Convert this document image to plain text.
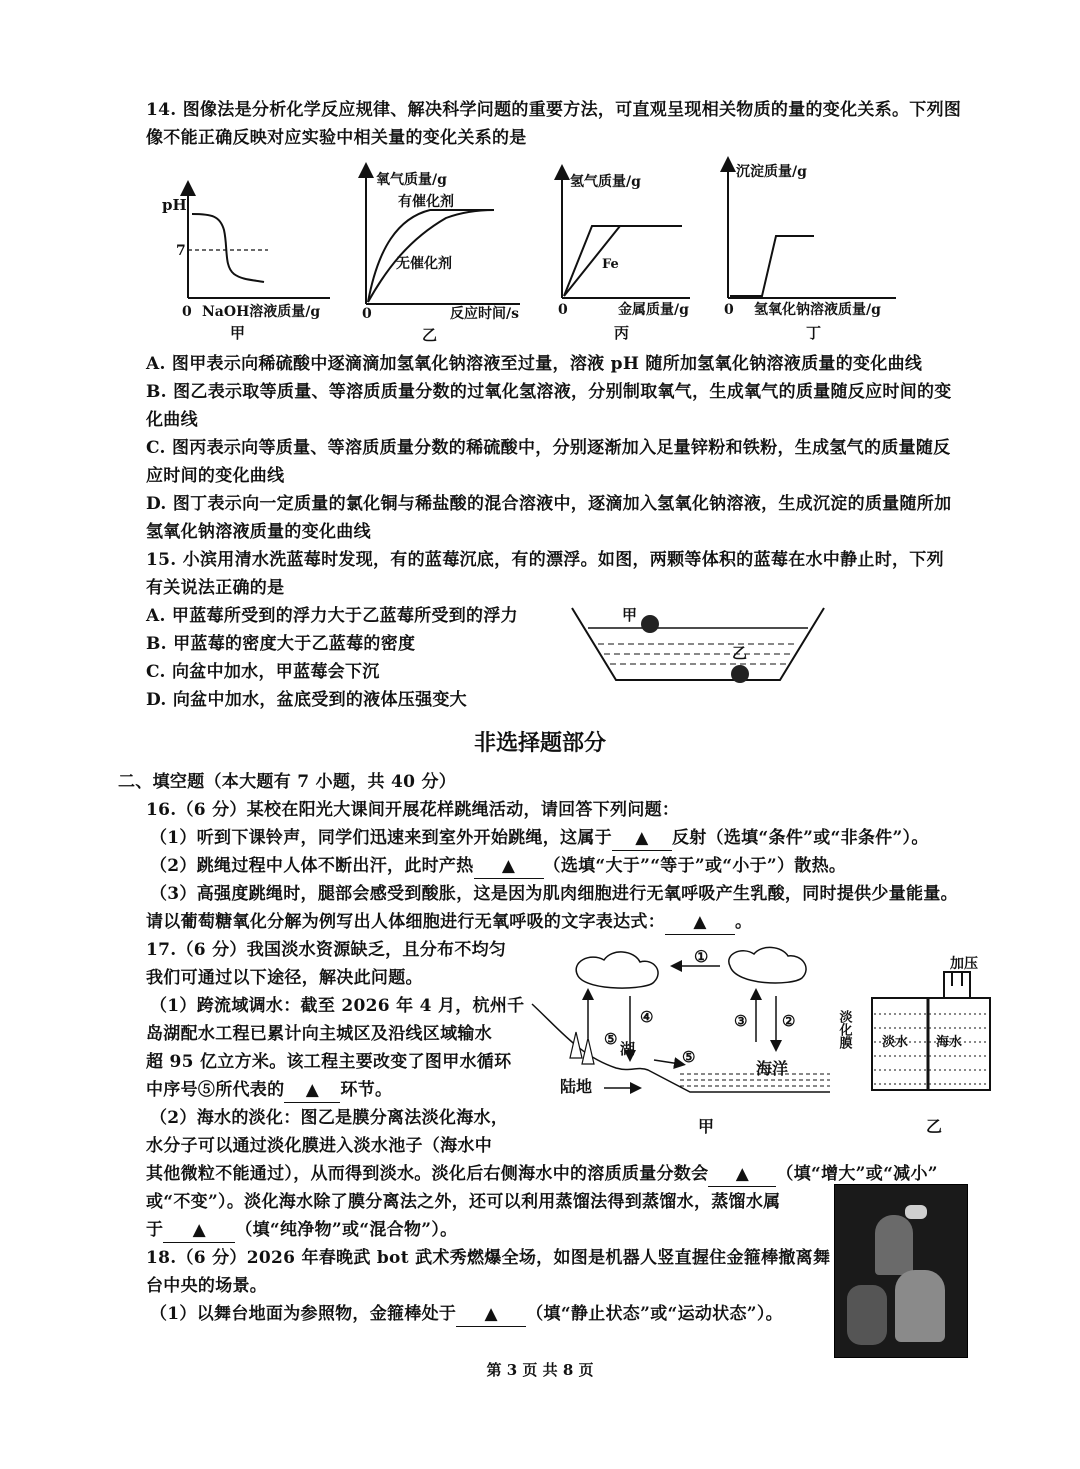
14. 图像法是分析化学反应规律、解决科学问题的重要方法，可直观呈现相关物质的量的变化关系。下列图
像不能正确反映对应实验中相关量的变化关系的是
pH
7
0 NaOH溶液质量/g
甲
氧气质量/g
有催化剂
无催化剂
0	反应时间/s
乙
氢气质量/g
Fe
0	金属质量/g
丙
沉淀质量/g
0 氢氧化钠溶液质量/g
丁
A. 图甲表示向稀硫酸中逐滴滴加氢氧化钠溶液至过量，溶液 pH 随所加氢氧化钠溶液质量的变化曲线
B. 图乙表示取等质量、等溶质质量分数的过氧化氢溶液，分别制取氧气，生成氧气的质量随反应时间的变
化曲线
C. 图丙表示向等质量、等溶质质量分数的稀硫酸中，分别逐渐加入足量锌粉和铁粉，生成氢气的质量随反
应时间的变化曲线
D. 图丁表示向一定质量的氯化铜与稀盐酸的混合溶液中，逐滴加入氢氧化钠溶液，生成沉淀的质量随所加
氢氧化钠溶液质量的变化曲线
15. 小滨用清水洗蓝莓时发现，有的蓝莓沉底，有的漂浮。如图，两颗等体积的蓝莓在水中静止时，下列
有关说法正确的是
A. 甲蓝莓所受到的浮力大于乙蓝莓所受到的浮力
B. 甲蓝莓的密度大于乙蓝莓的密度
C. 向盆中加水，甲蓝莓会下沉
D. 向盆中加水，盆底受到的液体压强变大
甲
乙
非选择题部分
二、填空题（本大题有 7 小题，共 40 分）
16.（6 分）某校在阳光大课间开展花样跳绳活动，请回答下列问题：
（1）听到下课铃声，同学们迅速来到室外开始跳绳，这属于 ▲ 反射（选填“条件”或“非条件”）。
（2）跳绳过程中人体不断出汗，此时产热 ▲ （选填“大于”“等于”或“小于”）散热。
（3）高强度跳绳时，腿部会感受到酸胀，这是因为肌肉细胞进行无氧呼吸产生乳酸，同时提供少量能量。
请以葡萄糖氧化分解为例写出人体细胞进行无氧呼吸的文字表达式： ▲ 。
17.（6 分）我国淡水资源缺乏，且分布不均匀
我们可通过以下途径，解决此问题。
（1）跨流域调水：截至 2026 年 4 月，杭州千
岛湖配水工程已累计向主城区及沿线区域输水
超 95 亿立方米。该工程主要改变了图甲水循环
中序号⑤所代表的 ▲ 环节。
（2）海水的淡化：图乙是膜分离法淡化海水，
水分子可以通过淡化膜进入淡水池子（海水中
其他微粒不能通过），从而得到淡水。淡化后右侧海水中的溶质质量分数会 ▲ （填“增大”或“减小”
或“不变”）。淡化海水除了膜分离法之外，还可以利用蒸馏法得到蒸馏水，蒸馏水属
于 ▲ （填“纯净物”或“混合物”）。
①
③ ②
④
⑤
湖	⑤
海洋
陆地
甲
加压
淡化膜 淡水 海水
乙
18.（6 分）2026 年春晚武 bot 武术秀燃爆全场，如图是机器人竖直握住金箍棒撤离舞
台中央的场景。
（1）以舞台地面为参照物，金箍棒处于 ▲ （填“静止状态”或“运动状态”）。
第 3 页 共 8 页
